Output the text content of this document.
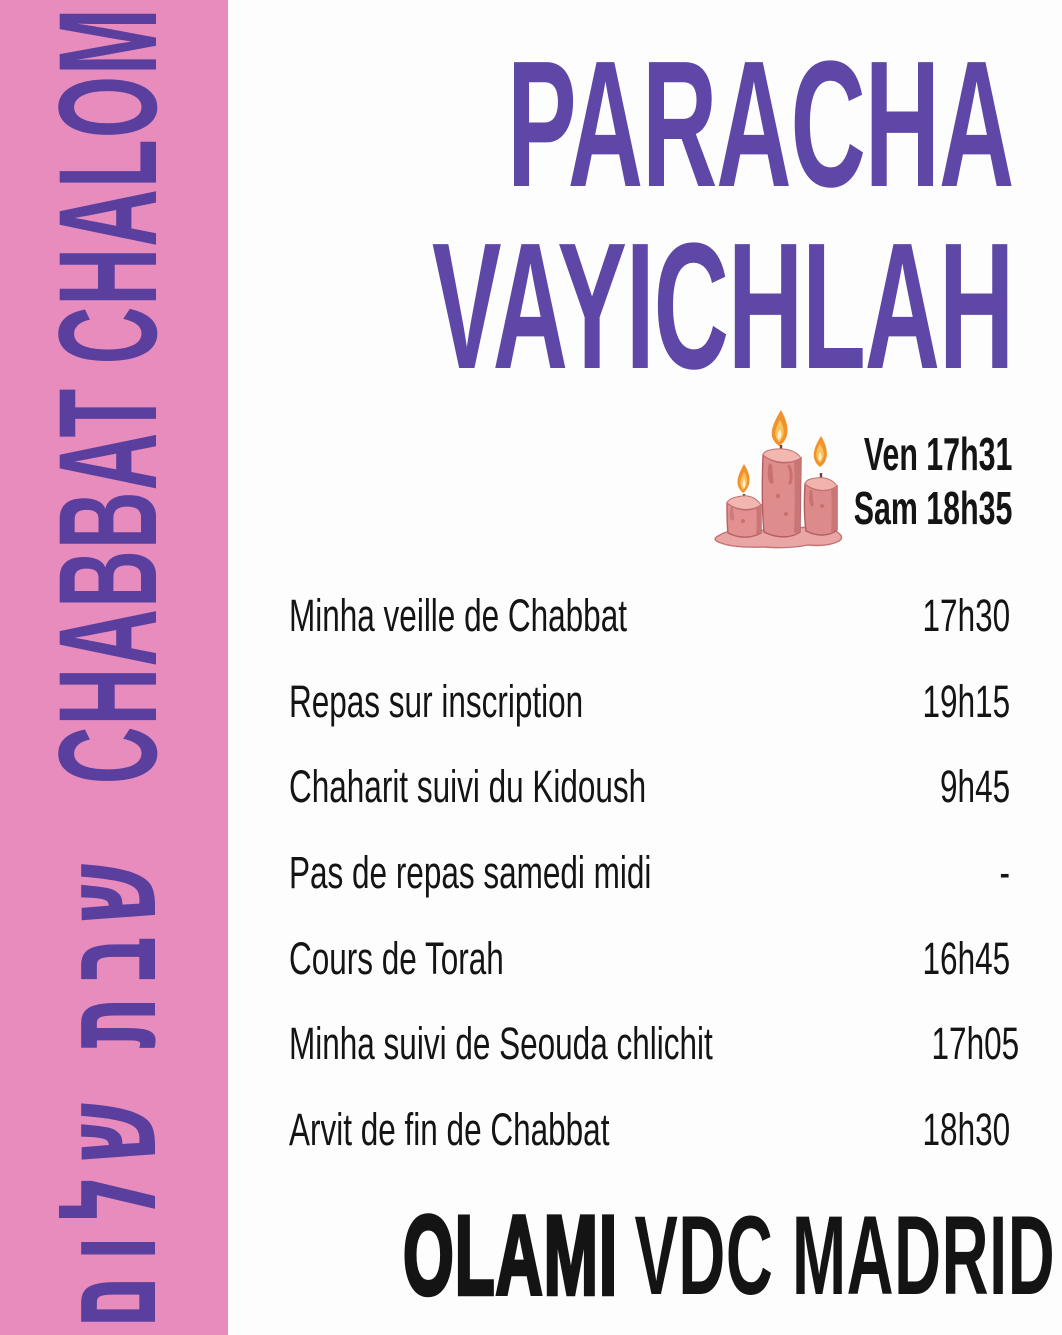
שבת שלום
CHABBAT CHALOM	PARACHA
VAYICHLAH
Ven 17h31
Sam 18h35
Minha veille de Chabbat	17h30
Repas sur inscription	19h15
Chaharit suivi du Kidoush	9h45
Pas de repas samedi midi	-
Cours de Torah	16h45
Minha suivi de Seouda chlichit	17h05
Arvit de fin de Chabbat	18h30
OLAMI VDC MADRID
